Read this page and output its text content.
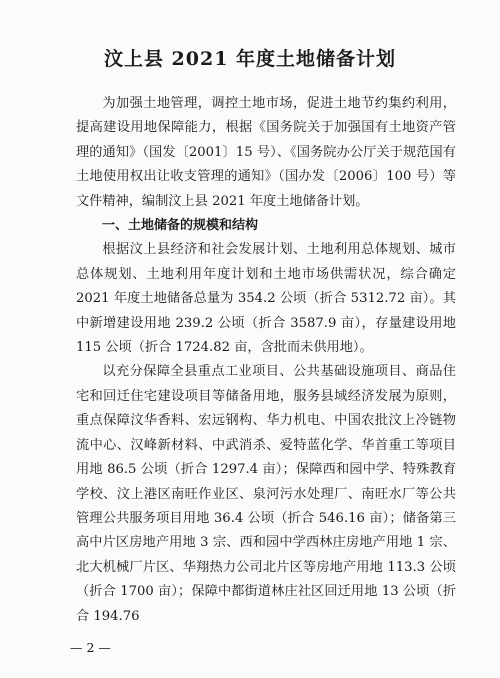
汶上县 2021 年度土地储备计划

为加强土地管理，调控土地市场，促进土地节约集约利用，提高建设用地保障能力，根据《国务院关于加强国有土地资产管理的通知》（国发〔2001〕15 号）、《国务院办公厅关于规范国有土地使用权出让收支管理的通知》（国办发〔2006〕100 号）等文件精神，编制汶上县 2021 年度土地储备计划。

一、土地储备的规模和结构

根据汶上县经济和社会发展计划、土地利用总体规划、城市总体规划、土地利用年度计划和土地市场供需状况，综合确定 2021 年度土地储备总量为 354.2 公顷（折合 5312.72 亩）。其中新增建设用地 239.2 公顷（折合 3587.9 亩），存量建设用地 115 公顷（折合 1724.82 亩，含批而未供用地）。

以充分保障全县重点工业项目、公共基础设施项目、商品住宅和回迁住宅建设项目等储备用地，服务县域经济发展为原则，重点保障汶华香料、宏远钢构、华力机电、中国农批汶上冷链物流中心、汉峰新材料、中武消杀、爱特蓝化学、华首重工等项目用地 86.5 公顷（折合 1297.4 亩）；保障西和园中学、特殊教育学校、汶上港区南旺作业区、泉河污水处理厂、南旺水厂等公共管理公共服务项目用地 36.4 公顷（折合 546.16 亩）；储备第三高中片区房地产用地 3 宗、西和园中学西林庄房地产用地 1 宗、北大机械厂片区、华翔热力公司北片区等房地产用地 113.3 公顷（折合 1700 亩）；保障中都街道林庄社区回迁用地 13 公顷（折合 194.76

— 2 —
